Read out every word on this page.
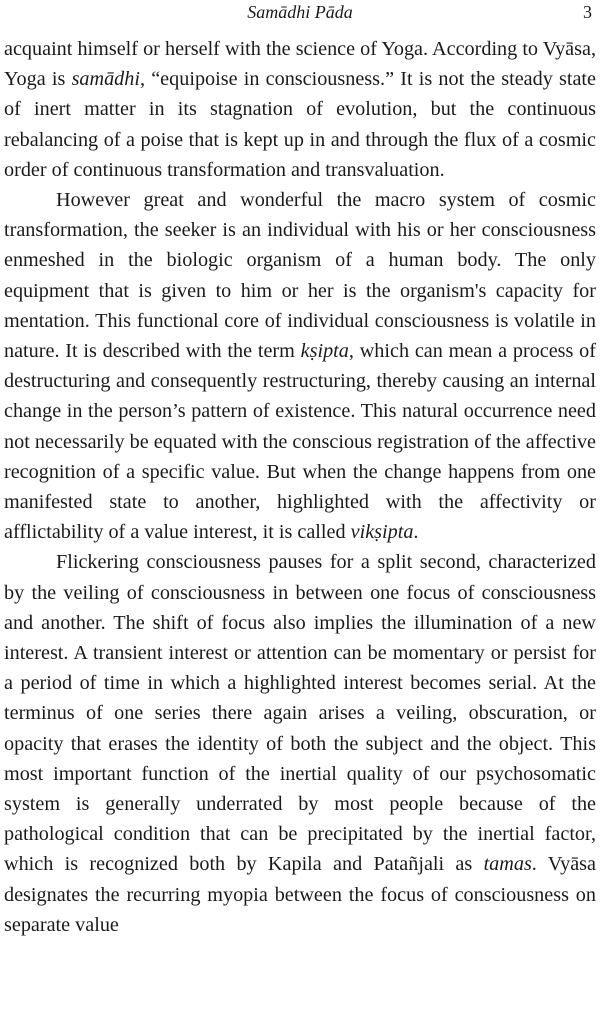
Samādhi Pāda	3

acquaint himself or herself with the science of Yoga. According to Vyāsa, Yoga is samādhi, “equipoise in consciousness.” It is not the steady state of inert matter in its stagnation of evolution, but the continuous rebalancing of a poise that is kept up in and through the flux of a cosmic order of continuous transformation and transvaluation.

However great and wonderful the macro system of cosmic transformation, the seeker is an individual with his or her consciousness enmeshed in the biologic organism of a human body. The only equipment that is given to him or her is the organism's capacity for mentation. This functional core of individual consciousness is volatile in nature. It is described with the term kṣipta, which can mean a process of destructuring and consequently restructuring, thereby causing an internal change in the person’s pattern of existence. This natural occurrence need not necessarily be equated with the conscious registration of the affective recognition of a specific value. But when the change happens from one manifested state to another, highlighted with the affectivity or afflictability of a value interest, it is called vikṣipta.

Flickering consciousness pauses for a split second, characterized by the veiling of consciousness in between one focus of consciousness and another. The shift of focus also implies the illumination of a new interest. A transient interest or attention can be momentary or persist for a period of time in which a highlighted interest becomes serial. At the terminus of one series there again arises a veiling, obscuration, or opacity that erases the identity of both the subject and the object. This most important function of the inertial quality of our psychosomatic system is generally underrated by most people because of the pathological condition that can be precipitated by the inertial factor, which is recognized both by Kapila and Patañjali as tamas. Vyāsa designates the recurring myopia between the focus of consciousness on separate value
